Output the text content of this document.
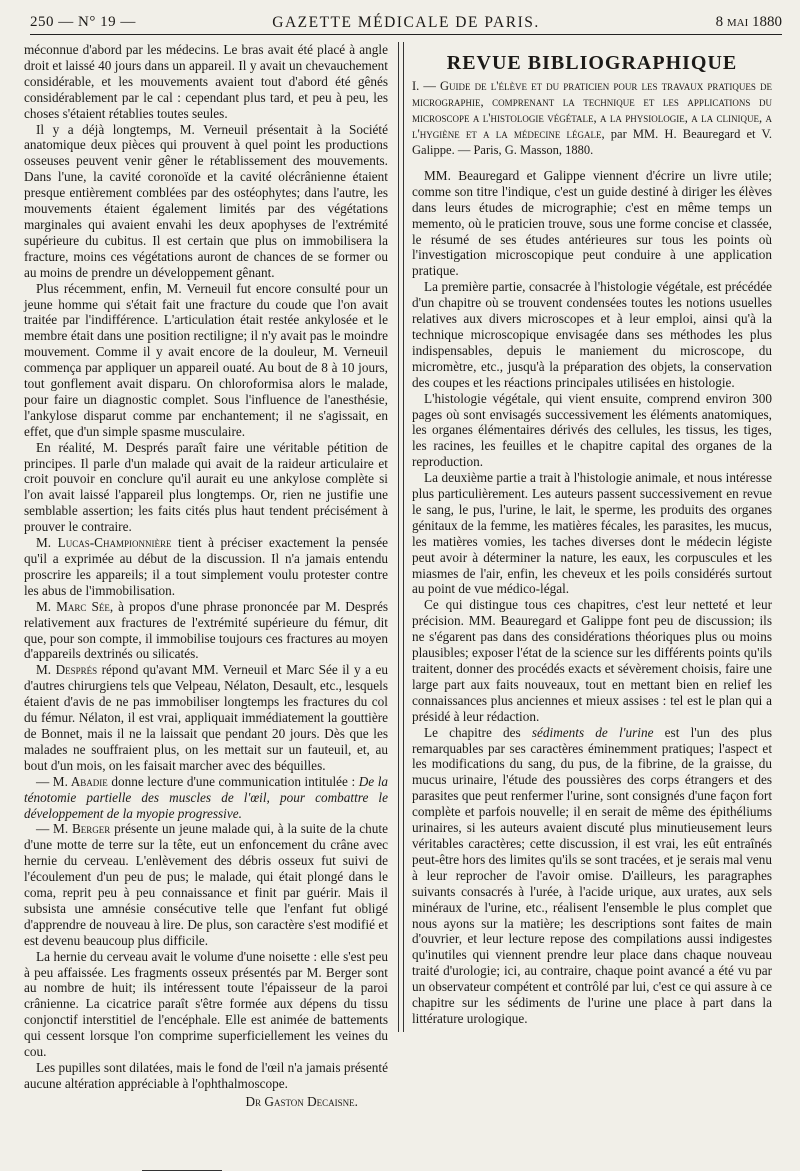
250 — N° 19 —	GAZETTE MÉDICALE DE PARIS.	8 mai 1880

méconnue d'abord par les médecins. Le bras avait été placé à angle droit et laissé 40 jours dans un appareil. Il y avait un chevauchement considérable, et les mouvements avaient tout d'abord été gênés considérablement par le cal : cependant plus tard, et peu à peu, les choses s'étaient rétablies toutes seules.

Il y a déjà longtemps, M. Verneuil présentait à la Société anatomique deux pièces qui prouvent à quel point les productions osseuses peuvent venir gêner le rétablissement des mouvements. Dans l'une, la cavité coronoïde et la cavité olécrânienne étaient presque entièrement comblées par des ostéophytes; dans l'autre, les mouvements étaient également limités par des végétations marginales qui avaient envahi les deux apophyses de l'extrémité supérieure du cubitus. Il est certain que plus on immobilisera la fracture, moins ces végétations auront de chances de se former ou au moins de prendre un développement gênant.

Plus récemment, enfin, M. Verneuil fut encore consulté pour un jeune homme qui s'était fait une fracture du coude que l'on avait traitée par l'indifférence. L'articulation était restée ankylosée et le membre était dans une position rectiligne; il n'y avait pas le moindre mouvement. Comme il y avait encore de la douleur, M. Verneuil commença par appliquer un appareil ouaté. Au bout de 8 à 10 jours, tout gonflement avait disparu. On chloroformisa alors le malade, pour faire un diagnostic complet. Sous l'influence de l'anesthésie, l'ankylose disparut comme par enchantement; il ne s'agissait, en effet, que d'un simple spasme musculaire.

En réalité, M. Després paraît faire une véritable pétition de principes. Il parle d'un malade qui avait de la raideur articulaire et croit pouvoir en conclure qu'il aurait eu une ankylose complète si l'on avait laissé l'appareil plus longtemps. Or, rien ne justifie une semblable assertion; les faits cités plus haut tendent précisément à prouver le contraire.

M. Lucas-Championnière tient à préciser exactement la pensée qu'il a exprimée au début de la discussion. Il n'a jamais entendu proscrire les appareils; il a tout simplement voulu protester contre les abus de l'immobilisation.

M. Marc Sée, à propos d'une phrase prononcée par M. Després relativement aux fractures de l'extrémité supérieure du fémur, dit que, pour son compte, il immobilise toujours ces fractures au moyen d'appareils dextrinés ou silicatés.

M. Després répond qu'avant MM. Verneuil et Marc Sée il y a eu d'autres chirurgiens tels que Velpeau, Nélaton, Desault, etc., lesquels étaient d'avis de ne pas immobiliser longtemps les fractures du col du fémur. Nélaton, il est vrai, appliquait immédiatement la gouttière de Bonnet, mais il ne la laissait que pendant 20 jours. Dès que les malades ne souffraient plus, on les mettait sur un fauteuil, et, au bout d'un mois, on les faisait marcher avec des béquilles.

— M. Abadie donne lecture d'une communication intitulée : De la ténotomie partielle des muscles de l'œil, pour combattre le développement de la myopie progressive.

— M. Berger présente un jeune malade qui, à la suite de la chute d'une motte de terre sur la tête, eut un enfoncement du crâne avec hernie du cerveau. L'enlèvement des débris osseux fut suivi de l'écoulement d'un peu de pus; le malade, qui était plongé dans le coma, reprit peu à peu connaissance et finit par guérir. Mais il subsista une amnésie consécutive telle que l'enfant fut obligé d'apprendre de nouveau à lire. De plus, son caractère s'est modifié et est devenu beaucoup plus difficile.

La hernie du cerveau avait le volume d'une noisette : elle s'est peu à peu affaissée. Les fragments osseux présentés par M. Berger sont au nombre de huit; ils intéressent toute l'épaisseur de la paroi crânienne. La cicatrice paraît s'être formée aux dépens du tissu conjonctif interstitiel de l'encéphale. Elle est animée de battements qui cessent lorsque l'on comprime superficiellement les veines du cou.

Les pupilles sont dilatées, mais le fond de l'œil n'a jamais présenté aucune altération appréciable à l'ophthalmoscope.

Dr Gaston Decaisne.

REVUE BIBLIOGRAPHIQUE

I. — Guide de l'élève et du praticien pour les travaux pratiques de micrographie, comprenant la technique et les applications du microscope a l'histologie végétale, a la physiologie, a la clinique, a l'hygiène et a la médecine légale, par MM. H. Beauregard et V. Galippe. — Paris, G. Masson, 1880.

MM. Beauregard et Galippe viennent d'écrire un livre utile; comme son titre l'indique, c'est un guide destiné à diriger les élèves dans leurs études de micrographie; c'est en même temps un memento, où le praticien trouve, sous une forme concise et classée, le résumé de ses études antérieures sur tous les points où l'investigation microscopique peut conduire à une application pratique.

La première partie, consacrée à l'histologie végétale, est précédée d'un chapitre où se trouvent condensées toutes les notions usuelles relatives aux divers microscopes et à leur emploi, ainsi qu'à la technique microscopique envisagée dans ses méthodes les plus indispensables, depuis le maniement du microscope, du micromètre, etc., jusqu'à la préparation des objets, la conservation des coupes et les réactions principales utilisées en histologie.

L'histologie végétale, qui vient ensuite, comprend environ 300 pages où sont envisagés successivement les éléments anatomiques, les organes élémentaires dérivés des cellules, les tissus, les tiges, les racines, les feuilles et le chapitre capital des organes de la reproduction.

La deuxième partie a trait à l'histologie animale, et nous intéresse plus particulièrement. Les auteurs passent successivement en revue le sang, le pus, l'urine, le lait, le sperme, les produits des organes génitaux de la femme, les matières fécales, les parasites, les mucus, les matières vomies, les taches diverses dont le médecin légiste peut avoir à déterminer la nature, les eaux, les corpuscules et les miasmes de l'air, enfin, les cheveux et les poils considérés surtout au point de vue médico-légal.

Ce qui distingue tous ces chapitres, c'est leur netteté et leur précision. MM. Beauregard et Galippe font peu de discussion; ils ne s'égarent pas dans des considérations théoriques plus ou moins plausibles; exposer l'état de la science sur les différents points qu'ils traitent, donner des procédés exacts et sévèrement choisis, faire une large part aux faits nouveaux, tout en mettant bien en relief les connaissances plus anciennes et mieux assises : tel est le plan qui a présidé à leur rédaction.

Le chapitre des sédiments de l'urine est l'un des plus remarquables par ses caractères éminemment pratiques; l'aspect et les modifications du sang, du pus, de la fibrine, de la graisse, du mucus urinaire, l'étude des poussières des corps étrangers et des parasites que peut renfermer l'urine, sont consignés d'une façon fort complète et parfois nouvelle; il en serait de même des épithéliums urinaires, si les auteurs avaient discuté plus minutieusement leurs véritables caractères; cette discussion, il est vrai, les eût entraînés peut-être hors des limites qu'ils se sont tracées, et je serais mal venu à leur reprocher de l'avoir omise. D'ailleurs, les paragraphes suivants consacrés à l'urée, à l'acide urique, aux urates, aux sels minéraux de l'urine, etc., réalisent l'ensemble le plus complet que nous ayons sur la matière; les descriptions sont faites de main d'ouvrier, et leur lecture repose des compilations aussi indigestes qu'inutiles qui viennent prendre leur place dans chaque nouveau traité d'urologie; ici, au contraire, chaque point avancé a été vu par un observateur compétent et contrôlé par lui, c'est ce qui assure à ce chapitre sur les sédiments de l'urine une place à part dans la littérature urologique.
